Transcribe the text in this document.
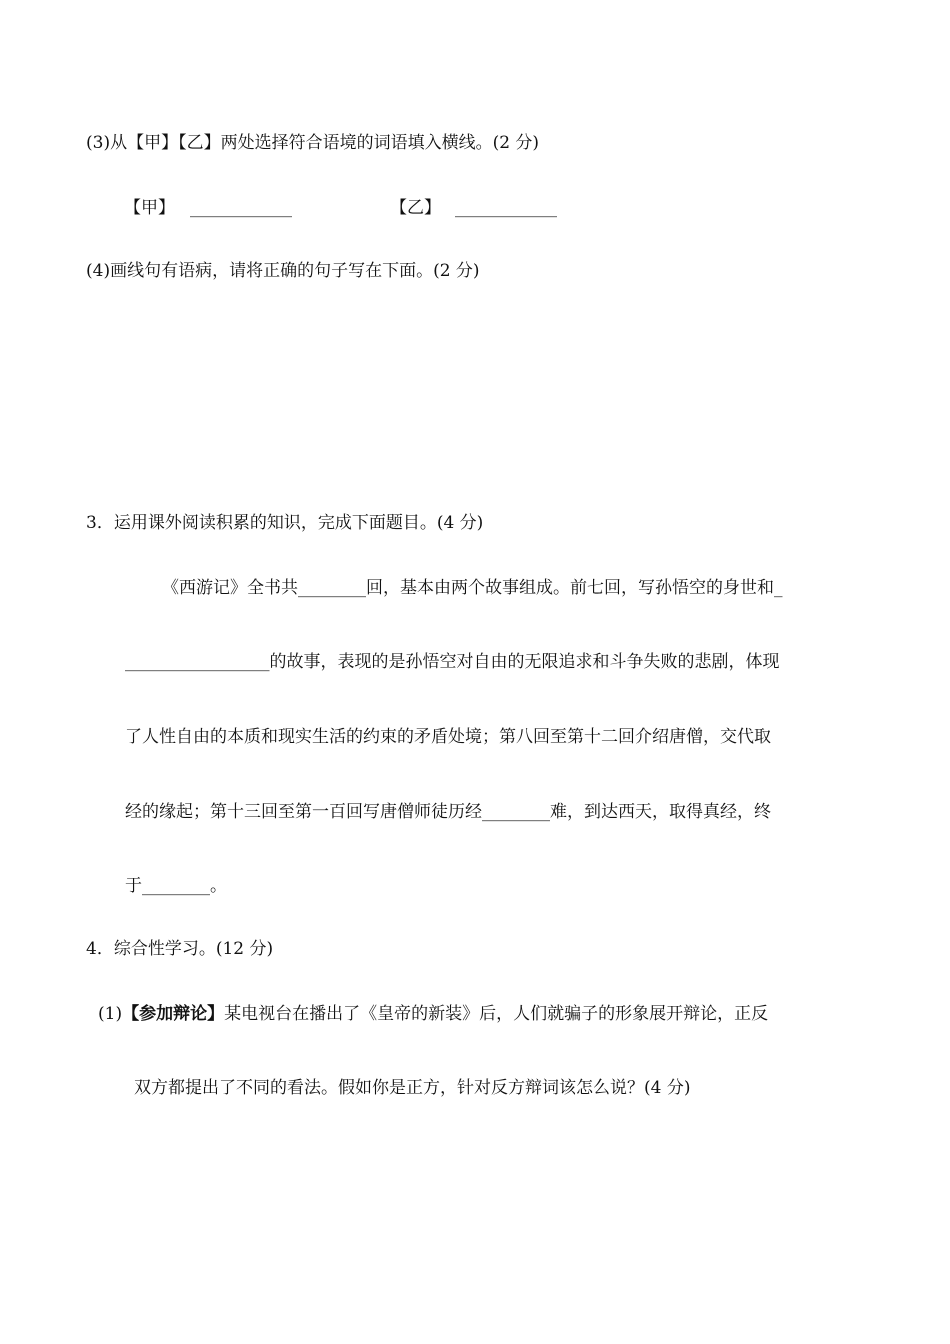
(3)从【甲】【乙】两处选择符合语境的词语填入横线。(2 分)
【甲】 ____________	【乙】 ____________
(4)画线句有语病，请将正确的句子写在下面。(2 分)
3．运用课外阅读积累的知识，完成下面题目。(4 分)
《西游记》全书共________回，基本由两个故事组成。前七回，写孙悟空的身世和_
_________________的故事，表现的是孙悟空对自由的无限追求和斗争失败的悲剧，体现
了人性自由的本质和现实生活的约束的矛盾处境；第八回至第十二回介绍唐僧，交代取
经的缘起；第十三回至第一百回写唐僧师徒历经________难，到达西天，取得真经，终
于________。
4．综合性学习。(12 分)
(1)【参加辩论】某电视台在播出了《皇帝的新装》后，人们就骗子的形象展开辩论，正反
双方都提出了不同的看法。假如你是正方，针对反方辩词该怎么说？(4 分)
